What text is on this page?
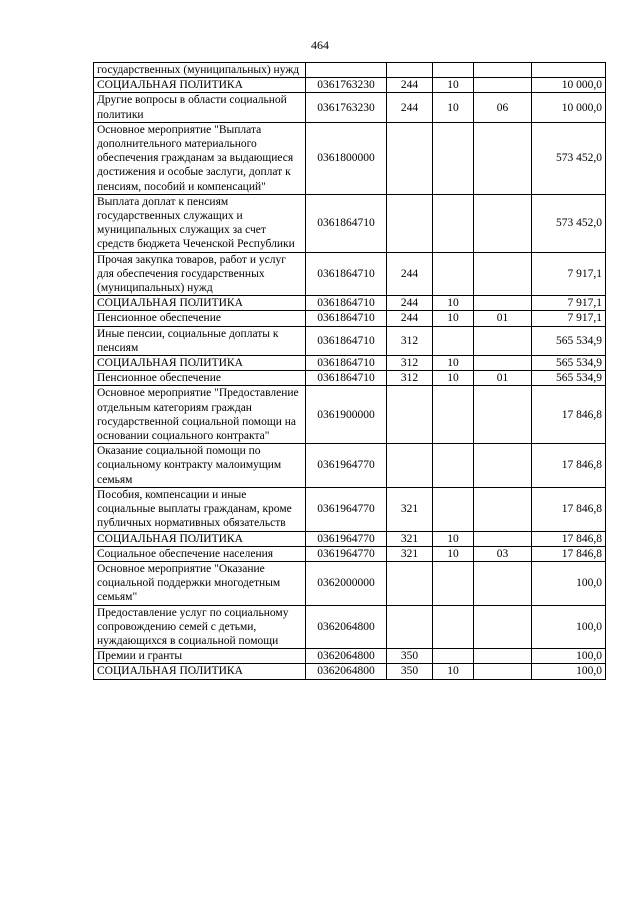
464
государственных (муниципальных) нужд					
СОЦИАЛЬНАЯ ПОЛИТИКА	0361763230	244	10		10 000,0
Другие вопросы в области социальной политики	0361763230	244	10	06	10 000,0
Основное мероприятие "Выплата дополнительного материального обеспечения гражданам за выдающиеся достижения и особые заслуги, доплат к пенсиям, пособий и компенсаций"	0361800000				573 452,0
Выплата доплат к пенсиям государственных служащих и муниципальных служащих за счет средств бюджета Чеченской Республики	0361864710				573 452,0
Прочая закупка товаров, работ и услуг для обеспечения государственных (муниципальных) нужд	0361864710	244			7 917,1
СОЦИАЛЬНАЯ ПОЛИТИКА	0361864710	244	10		7 917,1
Пенсионное обеспечение	0361864710	244	10	01	7 917,1
Иные пенсии, социальные доплаты к пенсиям	0361864710	312			565 534,9
СОЦИАЛЬНАЯ ПОЛИТИКА	0361864710	312	10		565 534,9
Пенсионное обеспечение	0361864710	312	10	01	565 534,9
Основное мероприятие "Предоставление отдельным категориям граждан государственной социальной помощи на основании социального контракта"	0361900000				17 846,8
Оказание социальной помощи по социальному контракту малоимущим семьям	0361964770				17 846,8
Пособия, компенсации и иные социальные выплаты гражданам, кроме публичных нормативных обязательств	0361964770	321			17 846,8
СОЦИАЛЬНАЯ ПОЛИТИКА	0361964770	321	10		17 846,8
Социальное обеспечение населения	0361964770	321	10	03	17 846,8
Основное мероприятие "Оказание социальной поддержки многодетным семьям"	0362000000				100,0
Предоставление услуг по социальному сопровождению семей с детьми, нуждающихся в социальной помощи	0362064800				100,0
Премии и гранты	0362064800	350			100,0
СОЦИАЛЬНАЯ ПОЛИТИКА	0362064800	350	10		100,0
